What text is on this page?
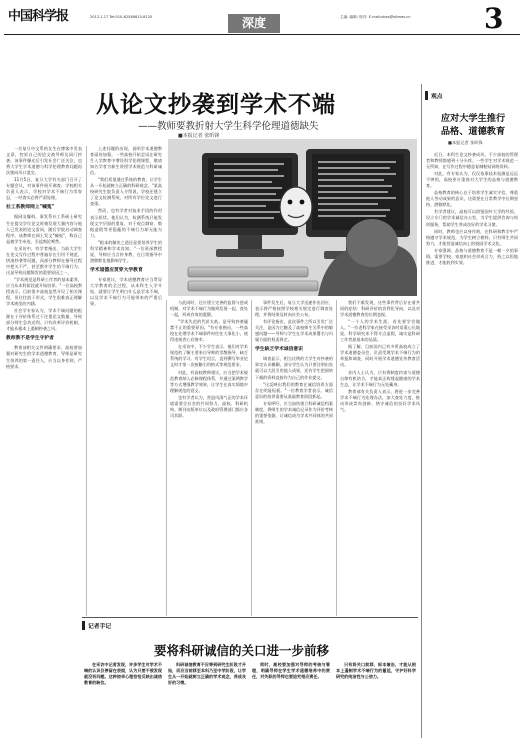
中国科学报	2012.1.17 Tel:010-62580615-8120	深度	主编: 编辑: 校对: E-mail:zhao@stimes.cn	3
从论文抄袭到学术不端
——教师要教折射大学生科学伦理道德缺失
■本报记者 张昕锋

一位复旦中文系的女生在博客中发表文章，控诉自己的论文被导师及同门抄袭。该事件曝光后引发社会广泛关注，也将大学生学术道德与科学伦理教育问题再次推向风口浪尖。

11月5日，复旦大学有关部门召开了专题会议，对该事件展开调查。学校相关负责人表示，学校对学术不端行为零容忍，一经查实必将严肃处理。

社工系教师网上"喊冤"

据网友爆料，事发系社工系硕士研究生在提交学位论文时被发现大量内容与他人已发表的论文雷同，随后学院启动调查程序。该教师在网上发文"喊冤"，称自己是被学生牵连，引起舆论哗然。

在采访中，有学者指出，当前大学生在论文写作过程中普遍存在引用不规范、拼凑抄袭等问题，而部分教师在指导过程中把关不严，甚至默许学生的不端行为，这是导致问题频发的重要原因之一。

"学术规范是科研工作者的基本素养，应当从本科阶段就开始培养。"一位高校教授表示，目前很多高校虽然开设了相关课程，但往往流于形式，学生很难真正理解学术规范的内涵。

社会学专家认为，学术不端问题的根源在于评价体系过于注重论文数量，导致部分师生急功近利。只有改革评价机制，才能从根本上遏制抄袭之风。

教师教不是学生守护者

教育部相关文件明确要求，高校要加强对研究生的学术道德教育，导师是研究生培养的第一责任人，应当以身作则，严格要求。

上述问题的出现，说明学术道德教育亟待加强。一些高校开始尝试在研究生入学教育中增设科学伦理课程，邀请知名学者为新生讲授学术规范与科研诚信。

"我们希望通过系统的教育，让学生从一开始就树立正确的科研观念。"某高校研究生院负责人介绍说，学校还建立了论文检测系统，对所有学位论文进行查重。

然而，也有学者对技术手段的作用表示担忧。他们认为，检测系统只能发现文字层面的重复，对于观点剽窃、数据造假等更隐蔽的不端行为却无能为力。

"根本的解决之道还是要培养学生的科学精神和学术良知。"一位资深教授说，导师应当言传身教，在日常指导中潜移默化地影响学生。

学术道德应贯穿大学教育

专家建议，学术道德教育应当贯穿大学教育的全过程，从本科生入学开始，就要让学生明白什么是学术不端，以及学术不端行为可能带来的严重后果。	与此同时，还应建立完善的监督与惩戒机制，对学术不端行为做到发现一起、查处一起，形成有效的震慑。

"学术失范的代价太低，是导致抄袭屡禁不止的重要原因。"有专家指出，一些高校在处理学术不端事件时往往大事化小，使得违规者心存侥幸。

在采访中，不少学生表示，他们对学术规范的了解主要来自导师的零散指导，缺乏系统的学习。有学生坦言，直到撰写毕业论文时才第一次接触引用格式等规范要求。

对此，有高校教师建议，应当把学术规范教育纳入必修课程体系，并通过案例教学等方式增强教学效果，让学生在真实情境中理解规范的意义。

也有学者认为，营造风清气正的学术环境需要全社会的共同努力，高校、科研机构、期刊出版单位以及政府管理部门都应各司其职。

事件发生后，复旦大学迅速作出回应，表示将严格按照学校相关规定进行调查处理，并将结果及时向社会公布。

有评论指出，此次事件之所以引发广泛关注，是因为它触及了高校师生关系中的敏感问题——导师与学生在学术成果署名与归属方面的权责界定。

学生缺乏学术诚信意识

调查显示，相当比例的大学生对抄袭的界定认识模糊，部分学生认为只要注明出处就可以大段引用他人成果，还有学生把网络下载的资料直接作为自己的作业提交。

"这反映出我们的教育在诚信培养方面存在明显短板。"一位教育学者表示，诚信意识的培养需要从基础教育阶段抓起。

专家呼吁，应当加快建立科研诚信档案制度，将师生的学术诚信记录作为评价考核的重要依据，让诚信成为学术共同体的共同准则。

我们不难发现，这些事件背后存在着共同的症结：科研评价的功利化导向，以及对学术道德教育的长期忽视。

"一个人的学术生涯，首先要学会做人。"一位老科学家在接受采访时语重心长地说，科学研究来不得半点虚假，诚实是科研工作者最基本的品质。

据了解，目前国内已有多所高校成立了学术道德委员会，负责受理学术不端行为的举报和调查，同时开展学术道德宣传教育活动。

业内人士认为，只有将制度约束与道德自律有机结合，才能真正构建起健康的学术生态，让学术不端行为无处藏身。

教育部有关负责人表示，将进一步完善学术不端行为处理办法，加大查处力度，推动形成崇尚创新、恪守诚信的良好学术风气。

观点
应对大学生推行
品格、道德教育
■本报记者 张昕锋

近日，本科生论文抄袭成风，不少高校的管理者和教师都感到十分头疼。一些学生对学术规范一无所知，在写作过程中随意复制粘贴网络资料。

对此，有专家认为，仅仅依靠技术检测是远远不够的，高校更应重视对大学生的品格与道德教育。

品格教育的核心在于培养学生诚实守信、尊重他人劳动成果的意识，这需要在日常教学中长期坚持、潜移默化。

有学者建议，高校可以借鉴国外大学的经验，设立专门的学术诚信办公室，为学生提供咨询与培训服务，帮助学生养成良好的学术习惯。

同时，教师也应以身作则，在科研和教学中严格遵守学术规范，为学生树立榜样。只有师生共同努力，才能营造诚信向上的校园学术文化。

专家强调，品格与道德教育不是一朝一夕的事情，需要学校、家庭和社会形成合力，持之以恒地推进，才能收到实效。

记者手记
要将科研诚信的关口进一步前移

在采访中记者发现，许多学生对学术不端的认识仅停留在表面，认为只要不被发现就没有问题。这种侥幸心理恰恰反映出诚信教育的缺位。

科研诚信教育不应等到研究生阶段才开始，而应当前移至本科乃至中学阶段，让学生从一开始就树立正确的学术观念，养成良好的习惯。

同时，高校要加强对导师的考核与管理，明确导师在学生学术道德培养中的责任，对失职的导师也要追究相应责任。

只有将关口前移、标本兼治，才能从根本上遏制学术不端行为的蔓延，守护好科学研究的纯洁性与公信力。
